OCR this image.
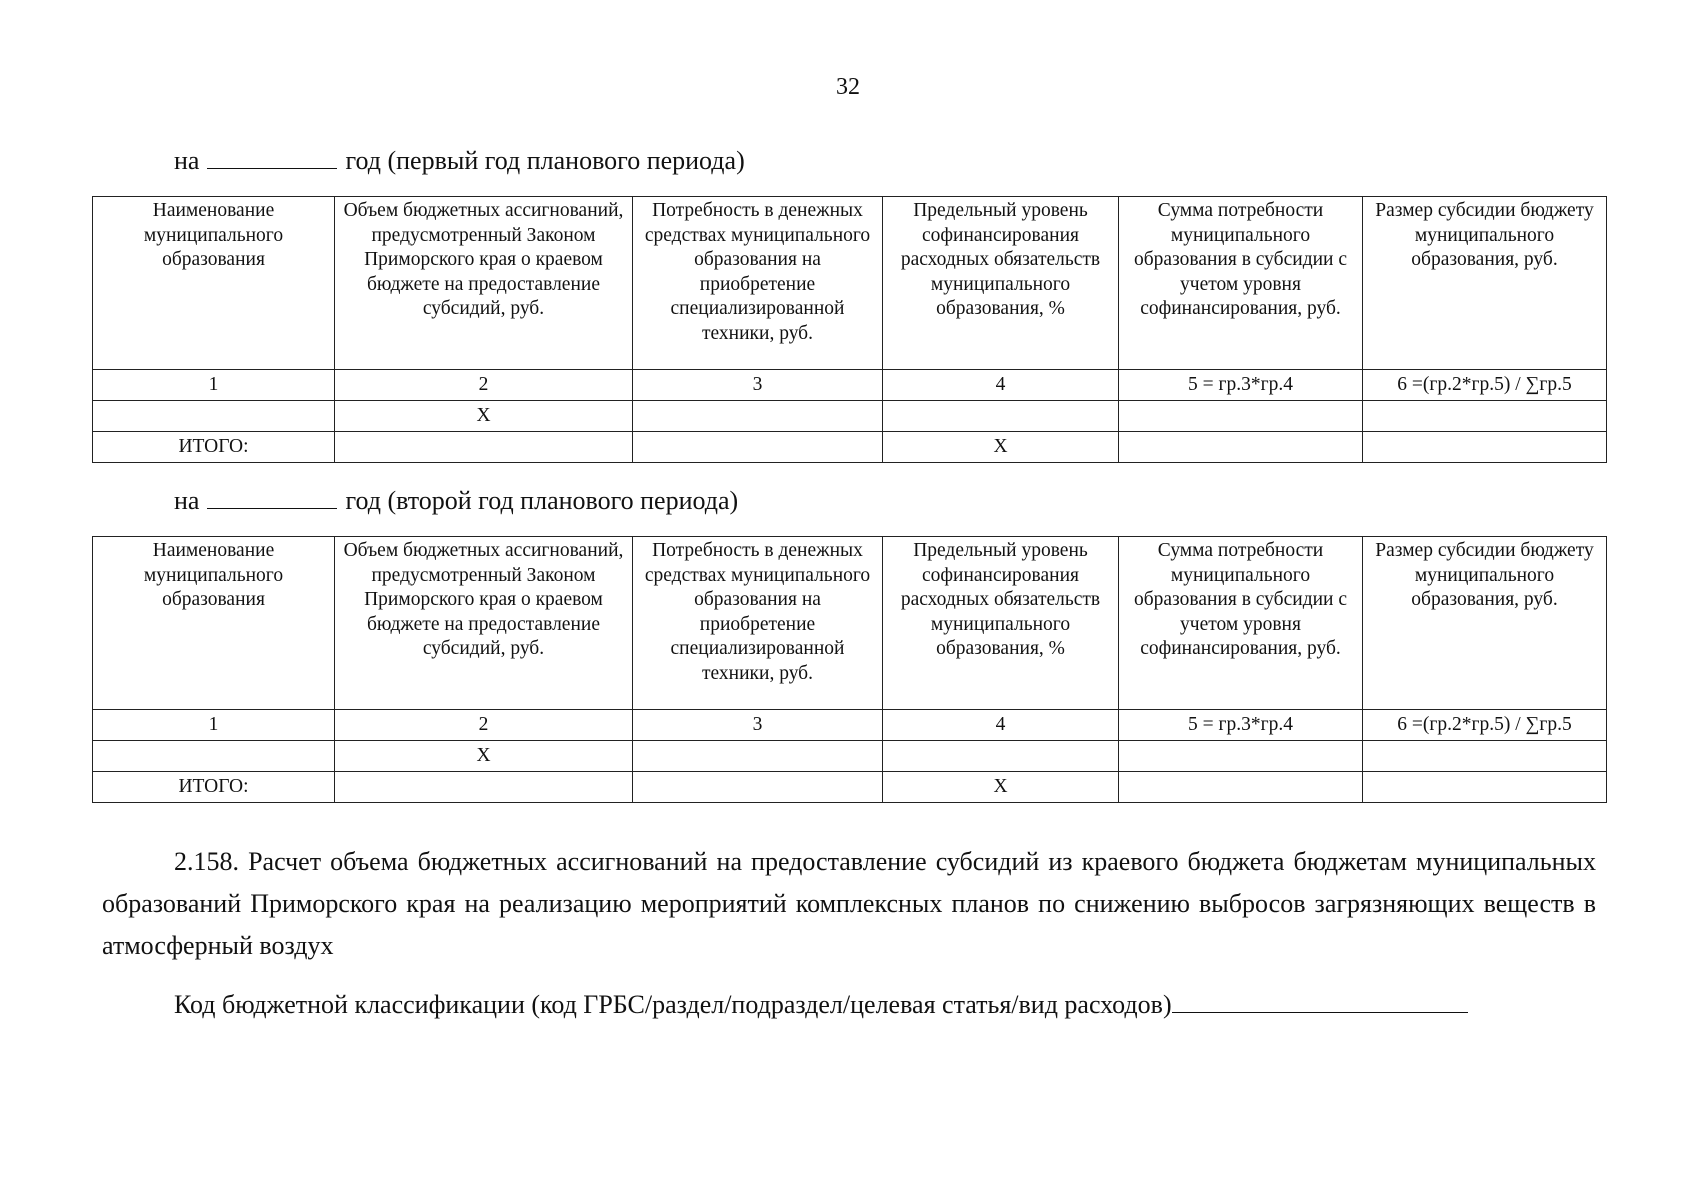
32
на	год (первый год планового периода)
Наименование муниципального образования	Объем бюджетных ассигнований, предусмотренный Законом Приморского края о краевом бюджете на предоставление субсидий, руб.	Потребность в денежных средствах муниципального образования на приобретение специализированной техники, руб.	Предельный уровень софинансирования расходных обязательств муниципального образования, %	Сумма потребности муниципального образования в субсидии с учетом уровня софинансирования, руб.	Размер субсидии бюджету муниципального образования, руб.
1	2	3	4	5 = гр.3*гр.4	6 =(гр.2*гр.5) / ∑гр.5
	X				
ИТОГО:			X		
на	год (второй год планового периода)
Наименование муниципального образования	Объем бюджетных ассигнований, предусмотренный Законом Приморского края о краевом бюджете на предоставление субсидий, руб.	Потребность в денежных средствах муниципального образования на приобретение специализированной техники, руб.	Предельный уровень софинансирования расходных обязательств муниципального образования, %	Сумма потребности муниципального образования в субсидии с учетом уровня софинансирования, руб.	Размер субсидии бюджету муниципального образования, руб.
1	2	3	4	5 = гр.3*гр.4	6 =(гр.2*гр.5) / ∑гр.5
	X				
ИТОГО:			X		
2.158. Расчет объема бюджетных ассигнований на предоставление субсидий из краевого бюджета бюджетам муниципальных образований Приморского края на реализацию мероприятий комплексных планов по снижению выбросов загрязняющих веществ в атмосферный воздух
Код бюджетной классификации (код ГРБС/раздел/подраздел/целевая статья/вид расходов)
